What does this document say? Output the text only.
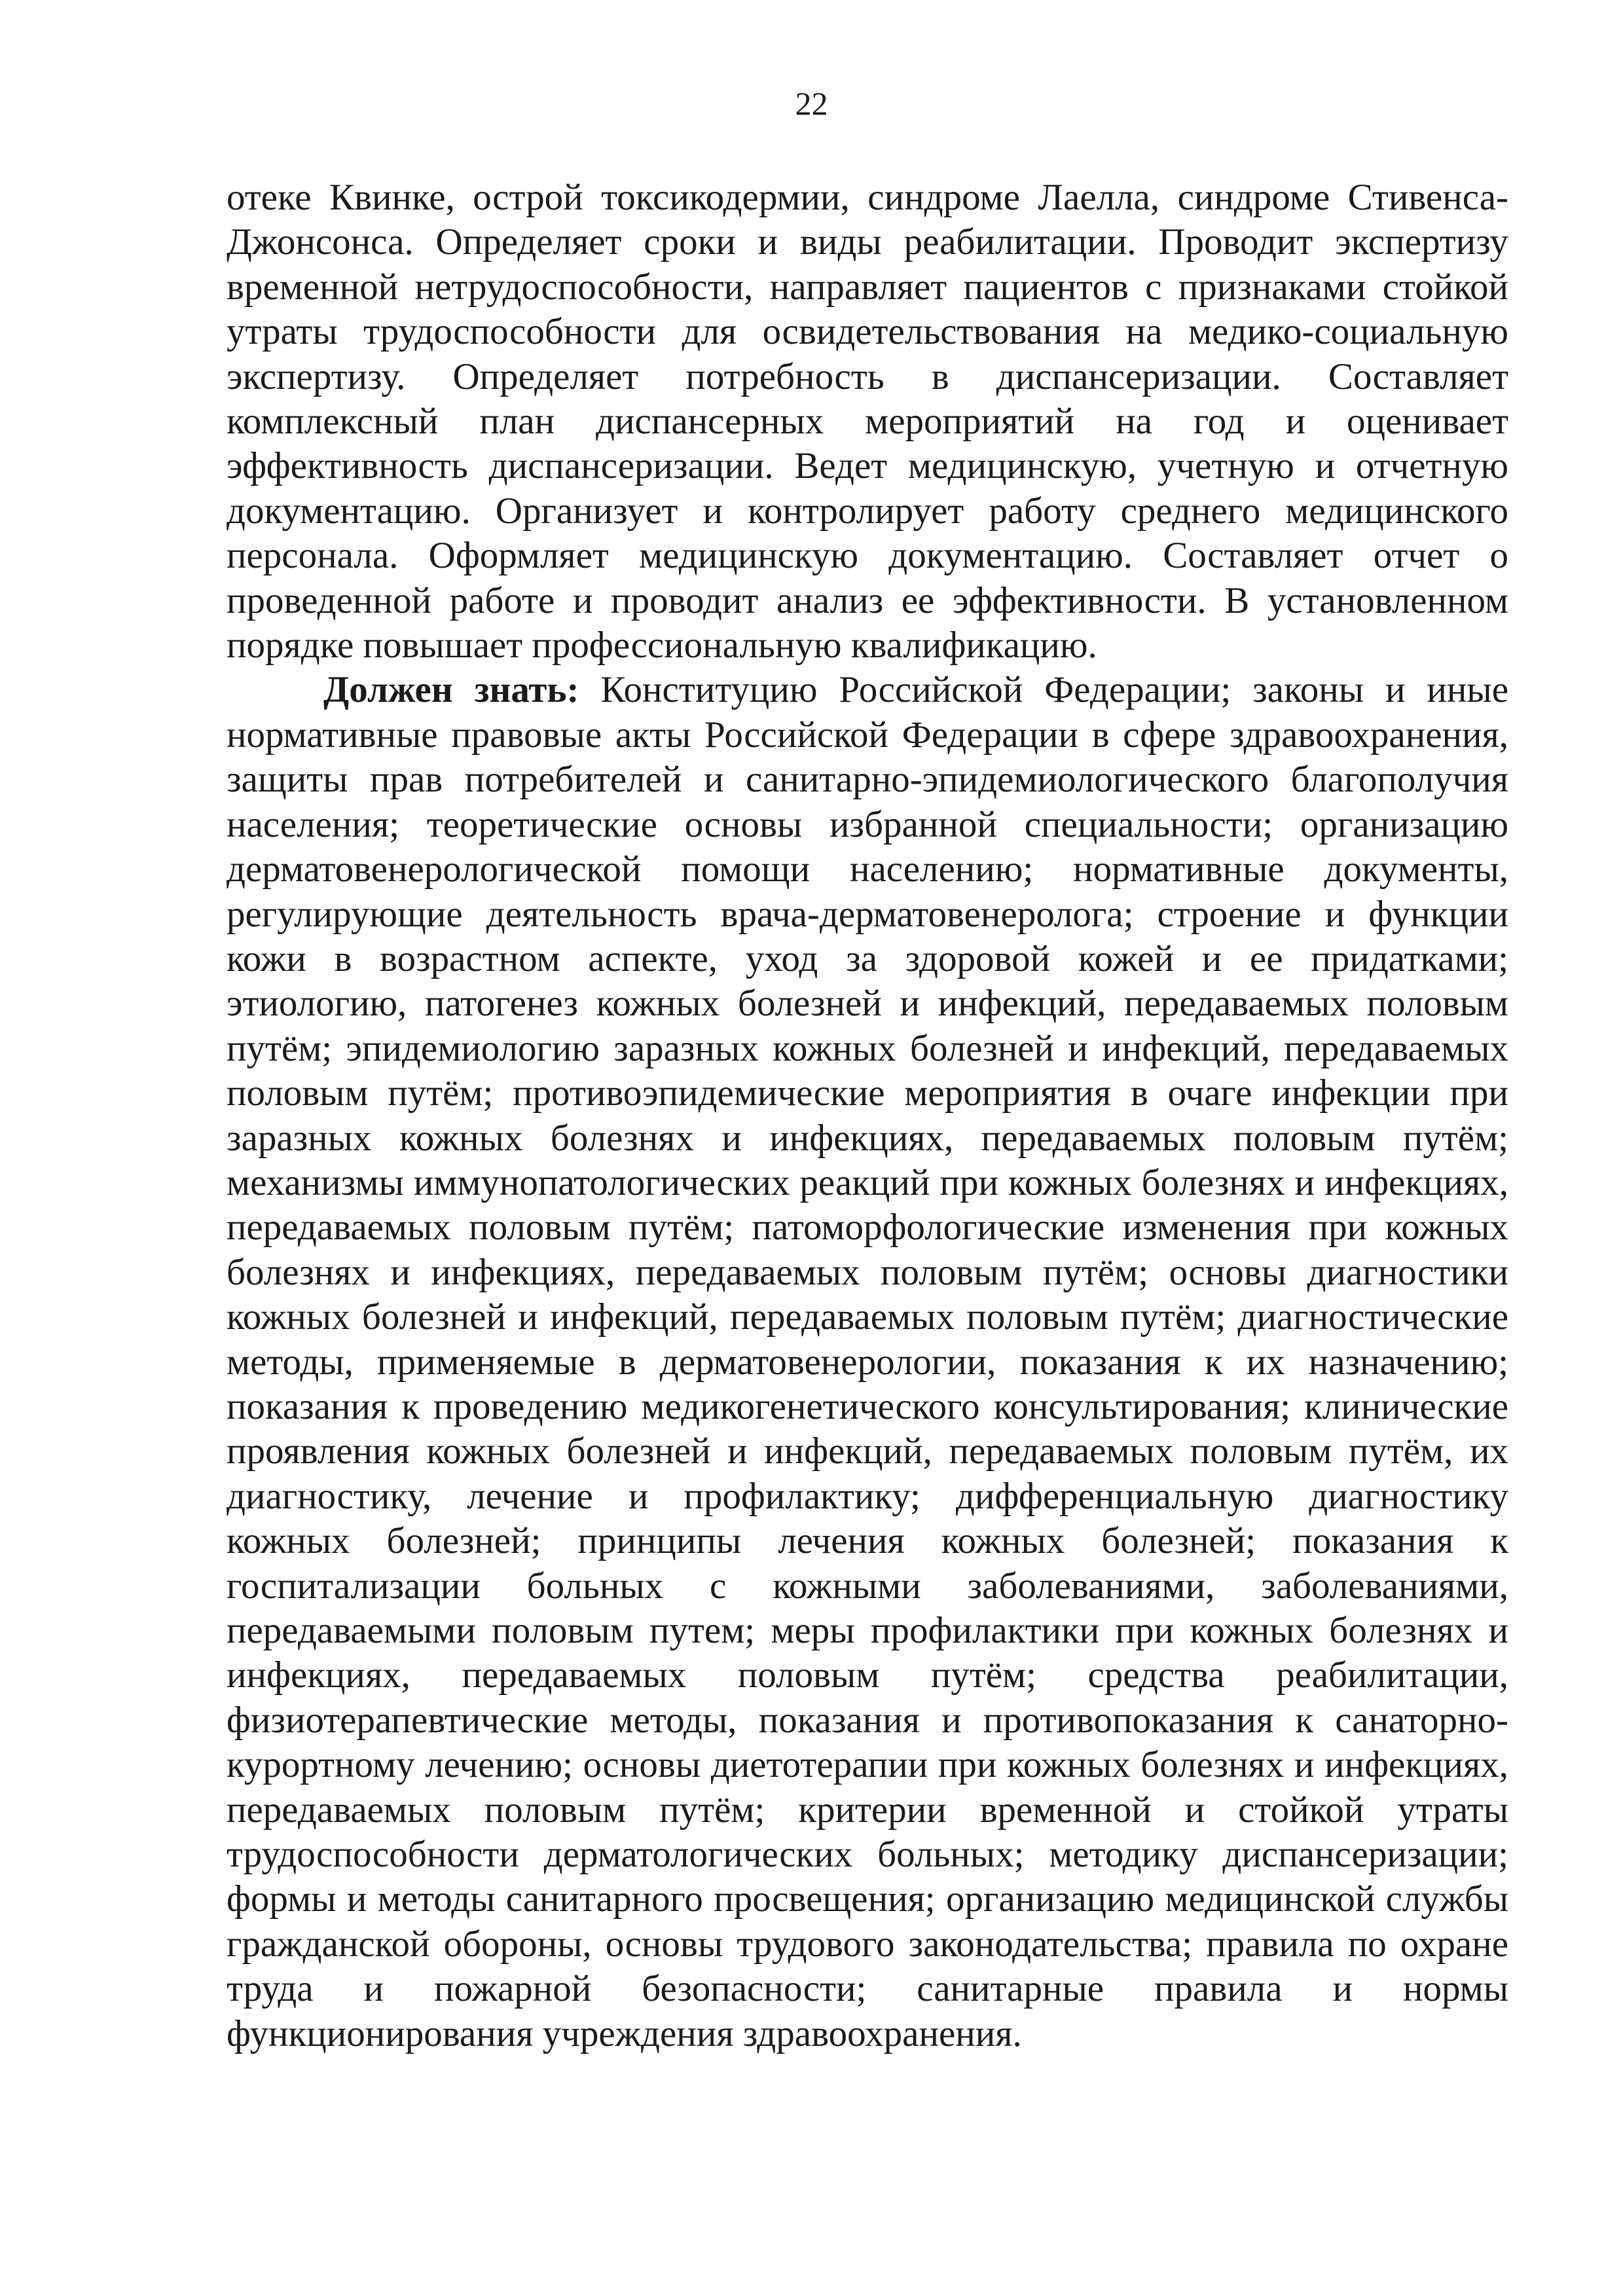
22

отеке Квинке, острой токсикодермии, синдроме Лаелла, синдроме Стивенса-Джонсонса. Определяет сроки и виды реабилитации. Проводит экспертизу временной нетрудоспособности, направляет пациентов с признаками стойкой утраты трудоспособности для освидетельствования на медико-социальную экспертизу. Определяет потребность в диспансеризации. Составляет комплексный план диспансерных мероприятий на год и оценивает эффективность диспансеризации. Ведет медицинскую, учетную и отчетную документацию. Организует и контролирует работу среднего медицинского персонала. Оформляет медицинскую документацию. Составляет отчет о проведенной работе и проводит анализ ее эффективности. В установленном порядке повышает профессиональную квалификацию.

Должен знать: Конституцию Российской Федерации; законы и иные нормативные правовые акты Российской Федерации в сфере здравоохранения, защиты прав потребителей и санитарно-эпидемиологического благополучия населения; теоретические основы избранной специальности; организацию дерматовенерологической помощи населению; нормативные документы, регулирующие деятельность врача-дерматовенеролога; строение и функции кожи в возрастном аспекте, уход за здоровой кожей и ее придатками; этиологию, патогенез кожных болезней и инфекций, передаваемых половым путём; эпидемиологию заразных кожных болезней и инфекций, передаваемых половым путём; противоэпидемические мероприятия в очаге инфекции при заразных кожных болезнях и инфекциях, передаваемых половым путём; механизмы иммунопатологических реакций при кожных болезнях и инфекциях, передаваемых половым путём; патоморфологические изменения при кожных болезнях и инфекциях, передаваемых половым путём; основы диагностики кожных болезней и инфекций, передаваемых половым путём; диагностические методы, применяемые в дерматовенерологии, показания к их назначению; показания к проведению медикогенетического консультирования; клинические проявления кожных болезней и инфекций, передаваемых половым путём, их диагностику, лечение и профилактику; дифференциальную диагностику кожных болезней; принципы лечения кожных болезней; показания к госпитализации больных с кожными заболеваниями, заболеваниями, передаваемыми половым путем; меры профилактики при кожных болезнях и инфекциях, передаваемых половым путём; средства реабилитации, физиотерапевтические методы, показания и противопоказания к санаторно-курортному лечению; основы диетотерапии при кожных болезнях и инфекциях, передаваемых половым путём; критерии временной и стойкой утраты трудоспособности дерматологических больных; методику диспансеризации; формы и методы санитарного просвещения; организацию медицинской службы гражданской обороны, основы трудового законодательства; правила по охране труда и пожарной безопасности; санитарные правила и нормы функционирования учреждения здравоохранения.
